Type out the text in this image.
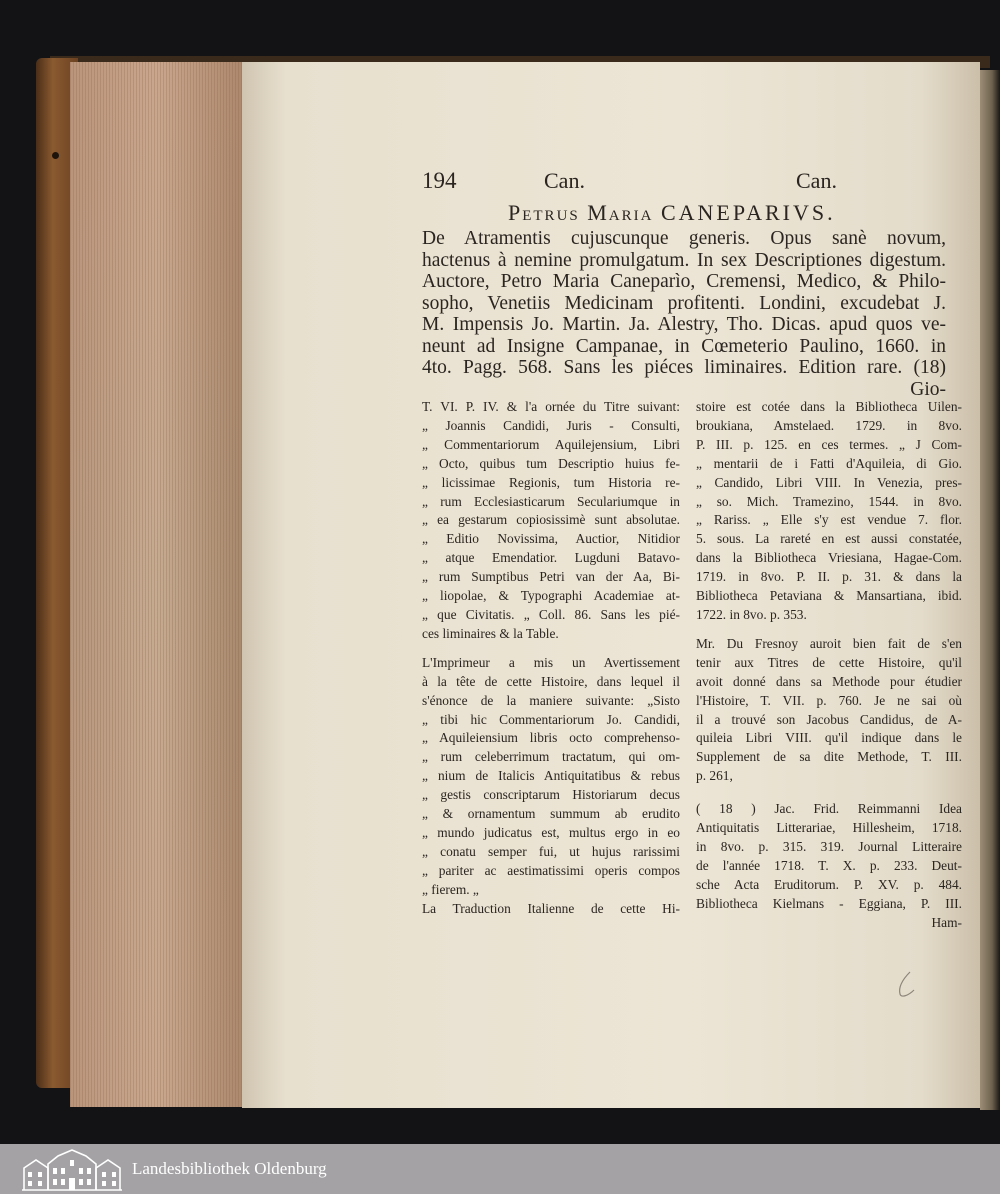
194	Can.	Can.
Petrus Maria CANEPARIVS.
De Atramentis cujuscunque generis. Opus sanè novum,
hactenus à nemine promulgatum. In sex Descriptiones digestum.
Auctore, Petro Maria Caneparìo, Cremensi, Medico, & Philo-
sopho, Venetiis Medicinam profitenti. Londini, excudebat J.
M. Impensis Jo. Martin. Ja. Alestry, Tho. Dicas. apud quos ve-
neunt ad Insigne Campanae, in Cœmeterio Paulino, 1660. in
4to. Pagg. 568. Sans les piéces liminaires. Edition rare. (18)
Gio-
T. VI. P. IV. & l'a ornée du Titre suivant:
„ Joannis Candidi, Juris - Consulti,
„ Commentariorum Aquilejensium, Libri
„ Octo, quibus tum Descriptio huius fe-
„ licissimae Regionis, tum Historia re-
„ rum Ecclesiasticarum Seculariumque in
„ ea gestarum copiosissimè sunt absolutae.
„ Editio Novissima, Auctior, Nitidior
„ atque Emendatior. Lugduni Batavo-
„ rum Sumptibus Petri van der Aa, Bi-
„ liopolae, & Typographi Academiae at-
„ que Civitatis. „ Coll. 86. Sans les pié-
ces liminaires & la Table.
L'Imprimeur a mis un Avertissement
à la tête de cette Histoire, dans lequel il
s'énonce de la maniere suivante: „Sisto
„ tibi hic Commentariorum Jo. Candidi,
„ Aquileiensium libris octo comprehenso-
„ rum celeberrimum tractatum, qui om-
„ nium de Italicis Antiquitatibus & rebus
„ gestis conscriptarum Historiarum decus
„ & ornamentum summum ab erudito
„ mundo judicatus est, multus ergo in eo
„ conatu semper fui, ut hujus rarissimi
„ pariter ac aestimatissimi operis compos
„ fierem. „
La Traduction Italienne de cette Hi-
stoire est cotée dans la Bibliotheca Uilen-
broukiana, Amstelaed. 1729. in 8vo.
P. III. p. 125. en ces termes. „ J Com-
„ mentarii de i Fatti d'Aquileia, di Gio.
„ Candido, Libri VIII. In Venezia, pres-
„ so. Mich. Tramezino, 1544. in 8vo.
„ Rariss. „ Elle s'y est vendue 7. flor.
5. sous. La rareté en est aussi constatée,
dans la Bibliotheca Vriesiana, Hagae-Com.
1719. in 8vo. P. II. p. 31. & dans la
Bibliotheca Petaviana & Mansartiana, ibid.
1722. in 8vo. p. 353.
Mr. Du Fresnoy auroit bien fait de s'en
tenir aux Titres de cette Histoire, qu'il
avoit donné dans sa Methode pour étudier
l'Histoire, T. VII. p. 760. Je ne sai où
il a trouvé son Jacobus Candidus, de A-
quileia Libri VIII. qu'il indique dans le
Supplement de sa dite Methode, T. III.
p. 261,
( 18 ) Jac. Frid. Reimmanni Idea
Antiquitatis Litterariae, Hillesheim, 1718.
in 8vo. p. 315. 319. Journal Litteraire
de l'année 1718. T. X. p. 233. Deut-
sche Acta Eruditorum. P. XV. p. 484.
Bibliotheca Kielmans - Eggiana, P. III.
Ham-
Landesbibliothek Oldenburg
